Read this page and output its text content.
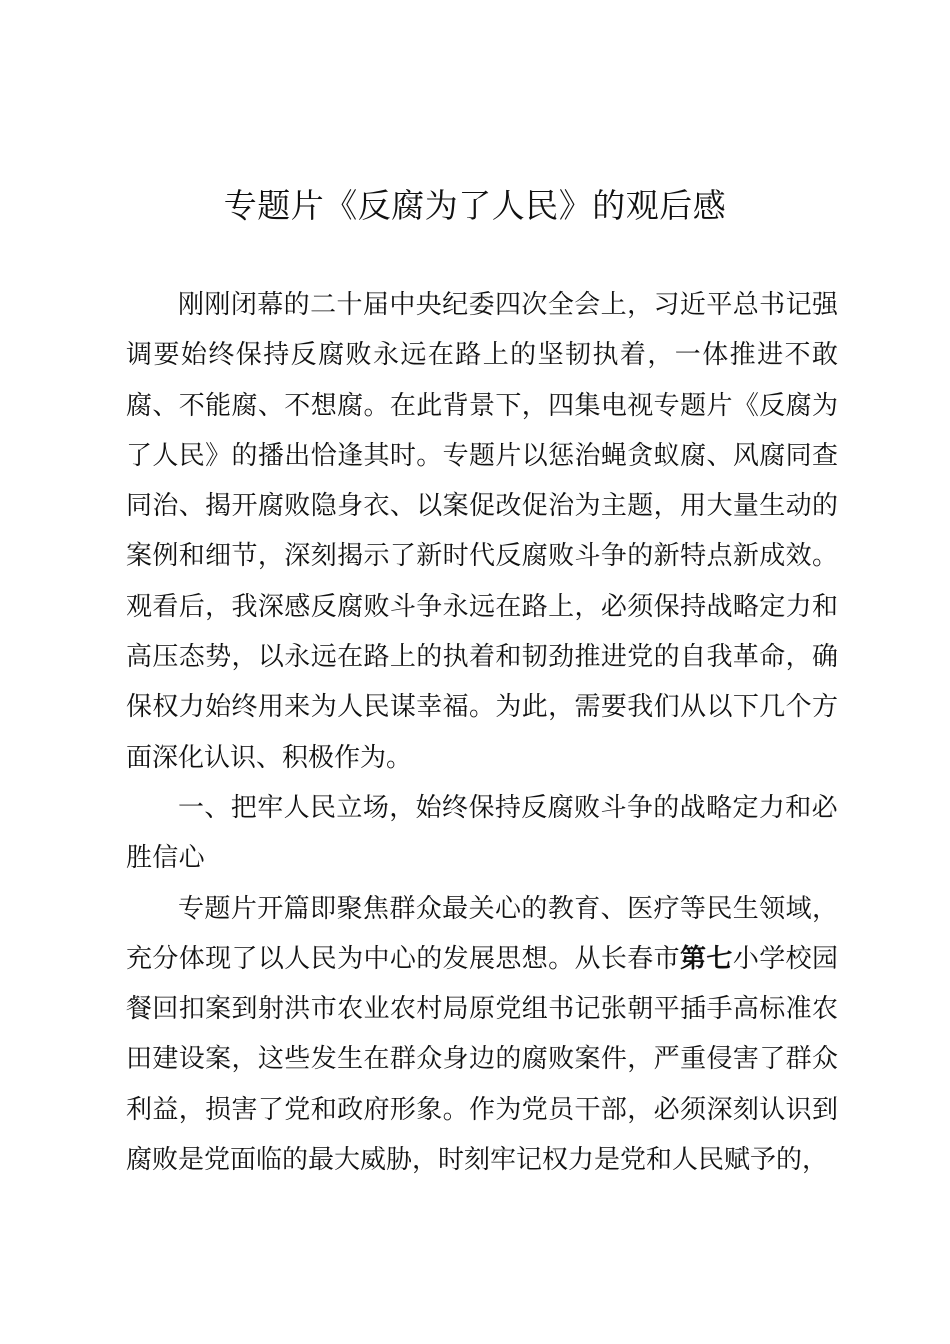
专题片《反腐为了人民》的观后感

刚刚闭幕的二十届中央纪委四次全会上，习近平总书记强调要始终保持反腐败永远在路上的坚韧执着，一体推进不敢腐、不能腐、不想腐。在此背景下，四集电视专题片《反腐为了人民》的播出恰逢其时。专题片以惩治蝇贪蚁腐、风腐同查同治、揭开腐败隐身衣、以案促改促治为主题，用大量生动的案例和细节，深刻揭示了新时代反腐败斗争的新特点新成效。观看后，我深感反腐败斗争永远在路上，必须保持战略定力和高压态势，以永远在路上的执着和韧劲推进党的自我革命，确保权力始终用来为人民谋幸福。为此，需要我们从以下几个方面深化认识、积极作为。

一、把牢人民立场，始终保持反腐败斗争的战略定力和必胜信心

专题片开篇即聚焦群众最关心的教育、医疗等民生领域，充分体现了以人民为中心的发展思想。从长春市第七小学校园餐回扣案到射洪市农业农村局原党组书记张朝平插手高标准农田建设案，这些发生在群众身边的腐败案件，严重侵害了群众利益，损害了党和政府形象。作为党员干部，必须深刻认识到腐败是党面临的最大威胁，时刻牢记权力是党和人民赋予的，
